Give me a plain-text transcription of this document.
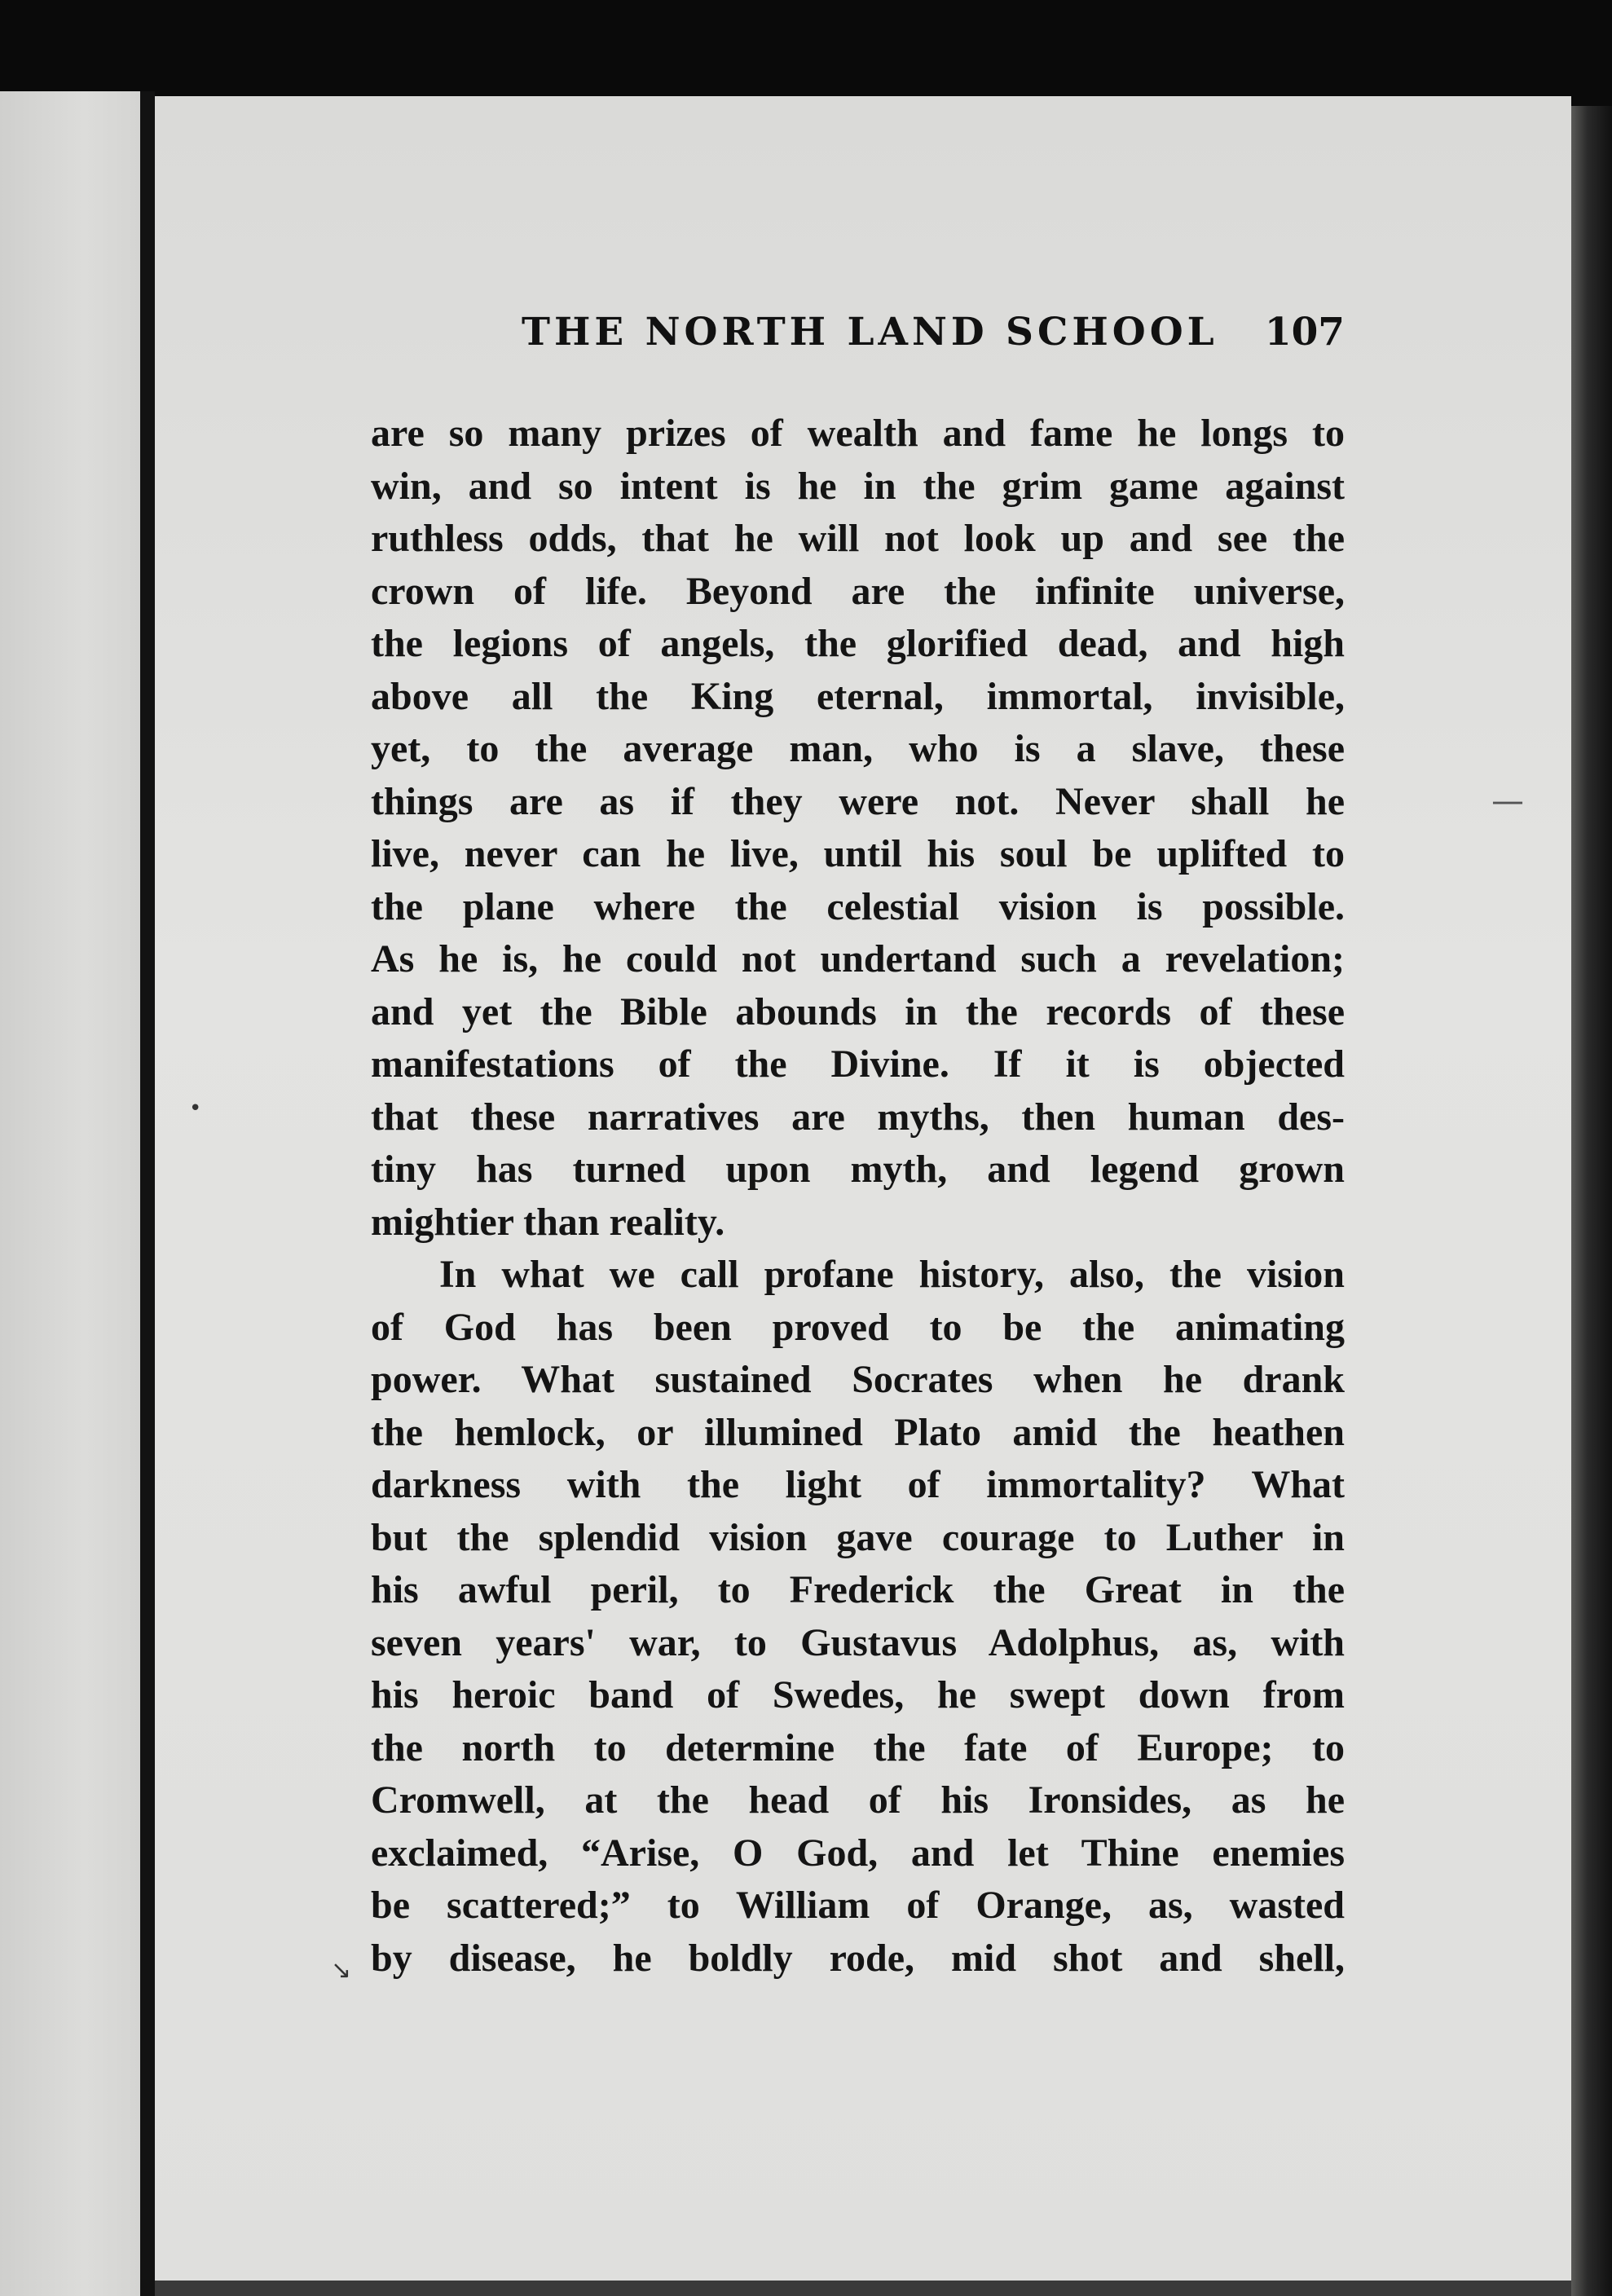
THE NORTH LAND SCHOOL 107
are so many prizes of wealth and fame he longs to
win, and so intent is he in the grim game against
ruthless odds, that he will not look up and see the
crown of life. Beyond are the infinite universe,
the legions of angels, the glorified dead, and high
above all the King eternal, immortal, invisible,
yet, to the average man, who is a slave, these
things are as if they were not. Never shall he
live, never can he live, until his soul be uplifted to
the plane where the celestial vision is possible.
As he is, he could not undertand such a revelation;
and yet the Bible abounds in the records of these
manifestations of the Divine. If it is objected
that these narratives are myths, then human des-
tiny has turned upon myth, and legend grown
mightier than reality.
In what we call profane history, also, the vision
of God has been proved to be the animating
power. What sustained Socrates when he drank
the hemlock, or illumined Plato amid the heathen
darkness with the light of immortality? What
but the splendid vision gave courage to Luther in
his awful peril, to Frederick the Great in the
seven years' war, to Gustavus Adolphus, as, with
his heroic band of Swedes, he swept down from
the north to determine the fate of Europe; to
Cromwell, at the head of his Ironsides, as he
exclaimed, “Arise, O God, and let Thine enemies
be scattered;” to William of Orange, as, wasted
by disease, he boldly rode, mid shot and shell,
•
—
↘
